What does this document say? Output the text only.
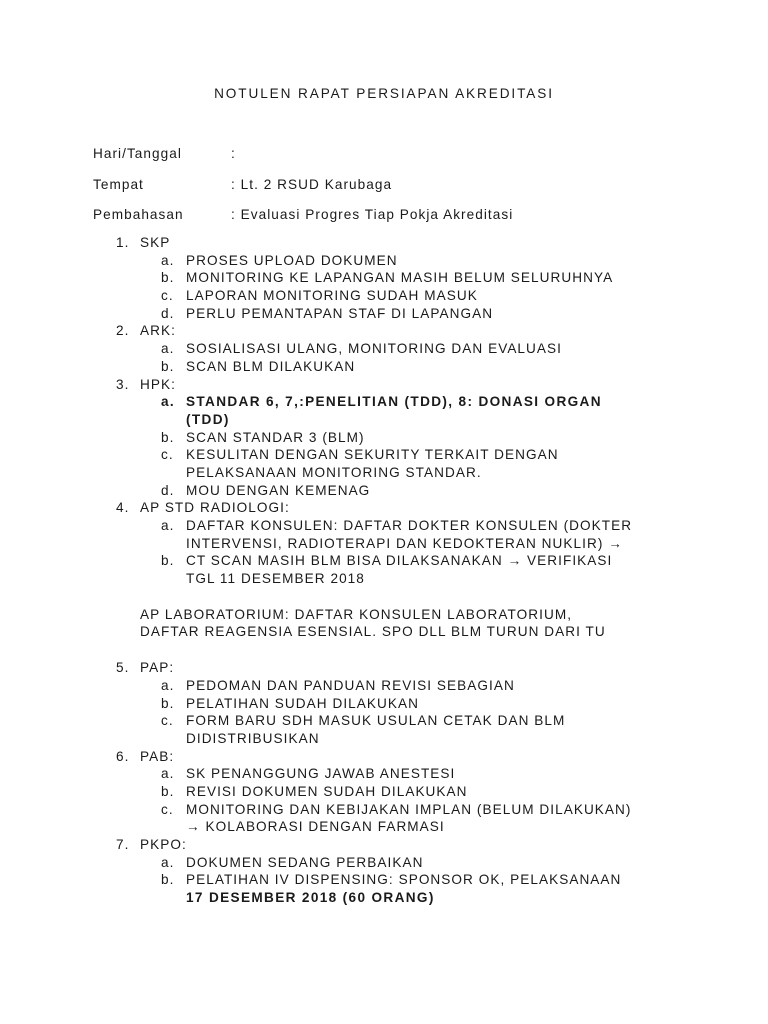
NOTULEN RAPAT PERSIAPAN AKREDITASI
Hari/Tanggal	:
Tempat	: Lt. 2 RSUD Karubaga
Pembahasan	: Evaluasi Progres Tiap Pokja Akreditasi
1. SKP
a. PROSES UPLOAD DOKUMEN
b. MONITORING KE LAPANGAN MASIH BELUM SELURUHNYA
c. LAPORAN MONITORING SUDAH MASUK
d. PERLU PEMANTAPAN STAF DI LAPANGAN
2. ARK:
a. SOSIALISASI ULANG, MONITORING DAN EVALUASI
b. SCAN BLM DILAKUKAN
3. HPK:
a. STANDAR 6, 7,:PENELITIAN (TDD), 8: DONASI ORGAN
(TDD)
b. SCAN STANDAR 3 (BLM)
c. KESULITAN DENGAN SEKURITY TERKAIT DENGAN
PELAKSANAAN MONITORING STANDAR.
d. MOU DENGAN KEMENAG
4. AP STD RADIOLOGI:
a. DAFTAR KONSULEN: DAFTAR DOKTER KONSULEN (DOKTER
INTERVENSI, RADIOTERAPI DAN KEDOKTERAN NUKLIR) →
b. CT SCAN MASIH BLM BISA DILAKSANAKAN → VERIFIKASI
TGL 11 DESEMBER 2018
AP LABORATORIUM: DAFTAR KONSULEN LABORATORIUM,
DAFTAR REAGENSIA ESENSIAL. SPO DLL BLM TURUN DARI TU
5. PAP:
a. PEDOMAN DAN PANDUAN REVISI SEBAGIAN
b. PELATIHAN SUDAH DILAKUKAN
c. FORM BARU SDH MASUK USULAN CETAK DAN BLM
DIDISTRIBUSIKAN
6. PAB:
a. SK PENANGGUNG JAWAB ANESTESI
b. REVISI DOKUMEN SUDAH DILAKUKAN
c. MONITORING DAN KEBIJAKAN IMPLAN (BELUM DILAKUKAN)
→ KOLABORASI DENGAN FARMASI
7. PKPO:
a. DOKUMEN SEDANG PERBAIKAN
b. PELATIHAN IV DISPENSING: SPONSOR OK, PELAKSANAAN
17 DESEMBER 2018 (60 ORANG)
